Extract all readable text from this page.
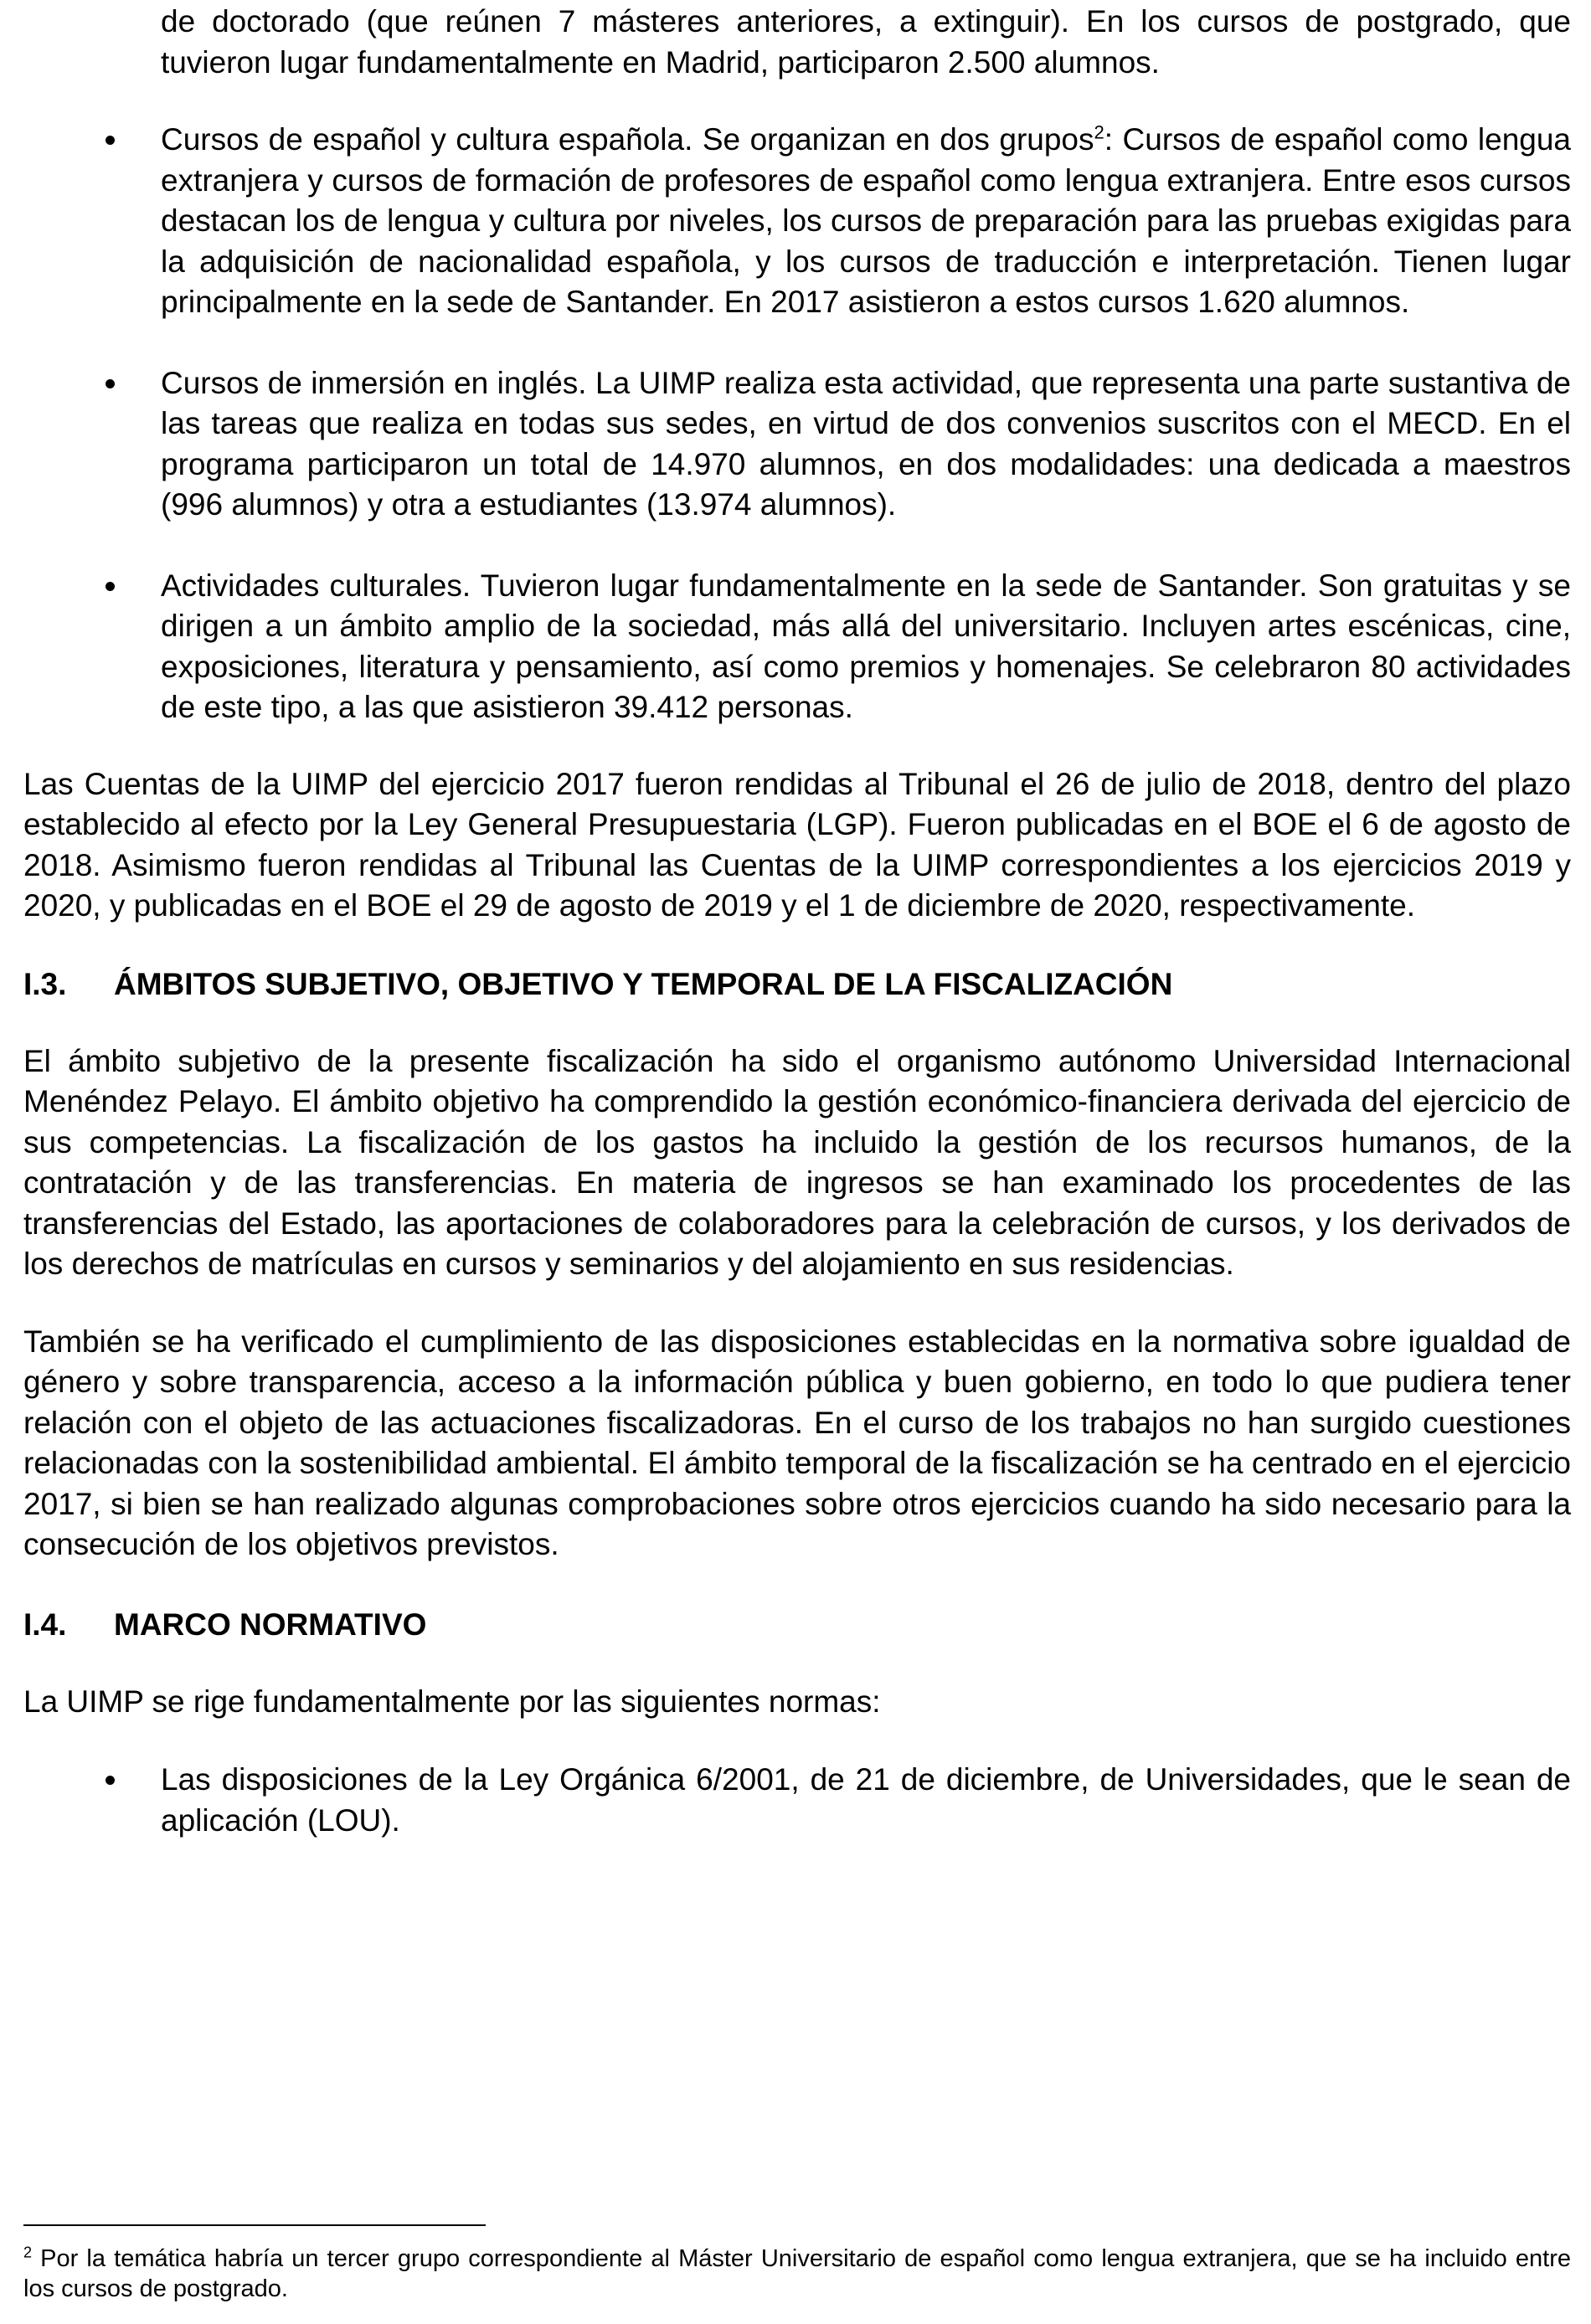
de doctorado (que reúnen 7 másteres anteriores, a extinguir). En los cursos de postgrado, que tuvieron lugar fundamentalmente en Madrid, participaron 2.500 alumnos.

Cursos de español y cultura española. Se organizan en dos grupos$^2$: Cursos de español como lengua extranjera y cursos de formación de profesores de español como lengua extranjera. Entre esos cursos destacan los de lengua y cultura por niveles, los cursos de preparación para las pruebas exigidas para la adquisición de nacionalidad española, y los cursos de traducción e interpretación. Tienen lugar principalmente en la sede de Santander. En 2017 asistieron a estos cursos 1.620 alumnos.
Cursos de inmersión en inglés. La UIMP realiza esta actividad, que representa una parte sustantiva de las tareas que realiza en todas sus sedes, en virtud de dos convenios suscritos con el MECD. En el programa participaron un total de 14.970 alumnos, en dos modalidades: una dedicada a maestros (996 alumnos) y otra a estudiantes (13.974 alumnos).
Actividades culturales. Tuvieron lugar fundamentalmente en la sede de Santander. Son gratuitas y se dirigen a un ámbito amplio de la sociedad, más allá del universitario. Incluyen artes escénicas, cine, exposiciones, literatura y pensamiento, así como premios y homenajes. Se celebraron 80 actividades de este tipo, a las que asistieron 39.412 personas.

Las Cuentas de la UIMP del ejercicio 2017 fueron rendidas al Tribunal el 26 de julio de 2018, dentro del plazo establecido al efecto por la Ley General Presupuestaria (LGP). Fueron publicadas en el BOE el 6 de agosto de 2018. Asimismo fueron rendidas al Tribunal las Cuentas de la UIMP correspondientes a los ejercicios 2019 y 2020, y publicadas en el BOE el 29 de agosto de 2019 y el 1 de diciembre de 2020, respectivamente.

I.3.	ÁMBITOS SUBJETIVO, OBJETIVO Y TEMPORAL DE LA FISCALIZACIÓN

El ámbito subjetivo de la presente fiscalización ha sido el organismo autónomo Universidad Internacional Menéndez Pelayo. El ámbito objetivo ha comprendido la gestión económico-financiera derivada del ejercicio de sus competencias. La fiscalización de los gastos ha incluido la gestión de los recursos humanos, de la contratación y de las transferencias. En materia de ingresos se han examinado los procedentes de las transferencias del Estado, las aportaciones de colaboradores para la celebración de cursos, y los derivados de los derechos de matrículas en cursos y seminarios y del alojamiento en sus residencias.

También se ha verificado el cumplimiento de las disposiciones establecidas en la normativa sobre igualdad de género y sobre transparencia, acceso a la información pública y buen gobierno, en todo lo que pudiera tener relación con el objeto de las actuaciones fiscalizadoras. En el curso de los trabajos no han surgido cuestiones relacionadas con la sostenibilidad ambiental. El ámbito temporal de la fiscalización se ha centrado en el ejercicio 2017, si bien se han realizado algunas comprobaciones sobre otros ejercicios cuando ha sido necesario para la consecución de los objetivos previstos.

I.4.	MARCO NORMATIVO

La UIMP se rige fundamentalmente por las siguientes normas:

Las disposiciones de la Ley Orgánica 6/2001, de 21 de diciembre, de Universidades, que le sean de aplicación (LOU).

$^2$ Por la temática habría un tercer grupo correspondiente al Máster Universitario de español como lengua extranjera, que se ha incluido entre los cursos de postgrado.
